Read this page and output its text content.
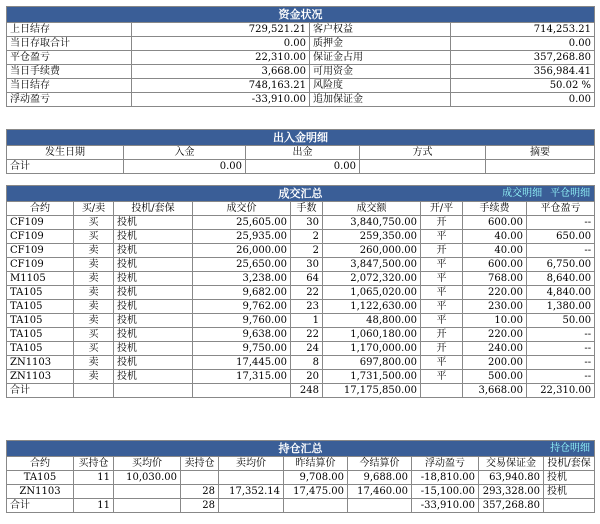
资金状况			
上日结存	729,521.21	客户权益	714,253.21
当日存取合计	0.00	质押金	0.00
平仓盈亏	22,310.00	保证金占用	357,268.80
当日手续费	3,668.00	可用资金	356,984.41
当日结存	748,163.21	风险度	50.02 %
浮动盈亏	-33,910.00	追加保证金	0.00
出入金明细				
发生日期	入金	出金	方式	摘要
合计	0.00	0.00		
成交汇总 成交明细 平仓明细								

合约	买/卖	投机/套保	成交价	手数	成交额	开/平	手续费	平仓盈亏
CF109	买	投机	25,605.00	30	3,840,750.00	开	600.00	--
CF109	买	投机	25,935.00	2	259,350.00	平	40.00	650.00
CF109	卖	投机	26,000.00	2	260,000.00	开	40.00	--
CF109	卖	投机	25,650.00	30	3,847,500.00	平	600.00	6,750.00
M1105	卖	投机	3,238.00	64	2,072,320.00	平	768.00	8,640.00
TA105	卖	投机	9,682.00	22	1,065,020.00	平	220.00	4,840.00
TA105	卖	投机	9,762.00	23	1,122,630.00	平	230.00	1,380.00
TA105	卖	投机	9,760.00	1	48,800.00	平	10.00	50.00
TA105	买	投机	9,638.00	22	1,060,180.00	开	220.00	--
TA105	买	投机	9,750.00	24	1,170,000.00	开	240.00	--
ZN1103	卖	投机	17,445.00	8	697,800.00	平	200.00	--
ZN1103	卖	投机	17,315.00	20	1,731,500.00	平	500.00	--
合计				248	17,175,850.00		3,668.00	22,310.00
持仓汇总 持仓明细									

合约	买持仓	买均价	卖持仓	卖均价	昨结算价	今结算价	浮动盈亏	交易保证金	投机/套保
TA105	11	10,030.00			9,708.00	9,688.00	-18,810.00	63,940.80	投机
ZN1103			28	17,352.14	17,475.00	17,460.00	-15,100.00	293,328.00	投机
合计	11		28				-33,910.00	357,268.80	
